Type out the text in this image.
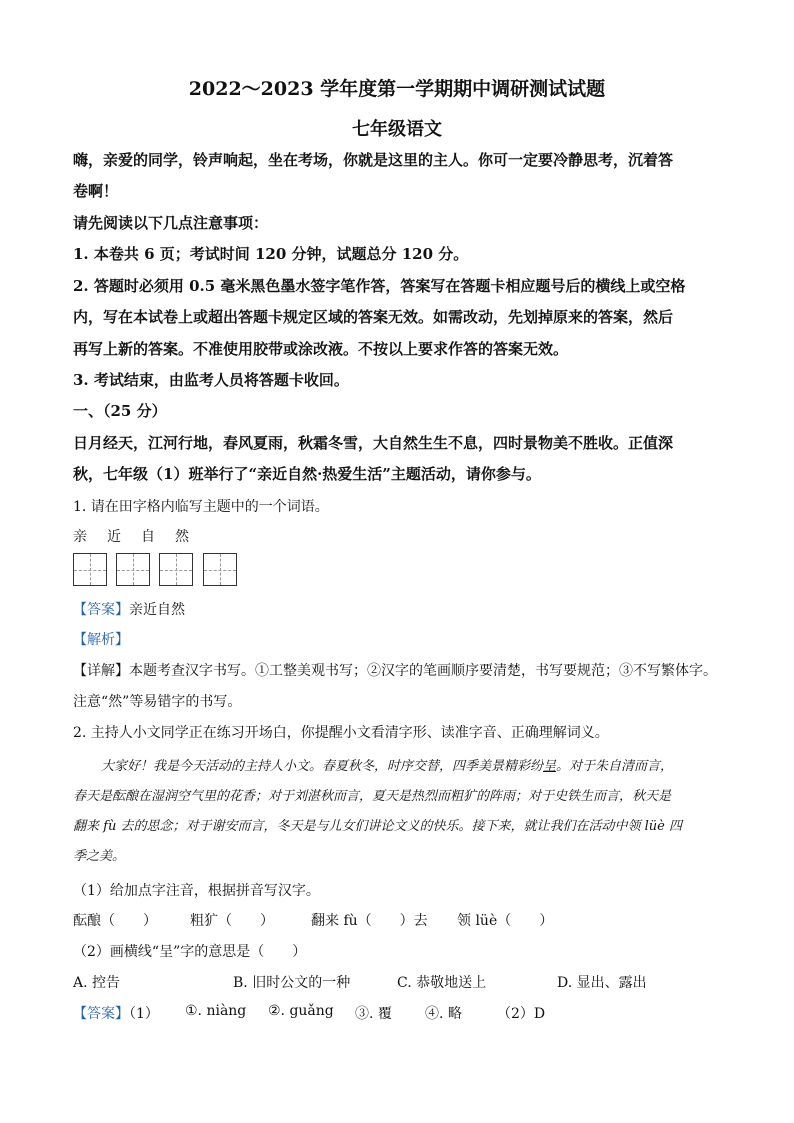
2022～2023 学年度第一学期期中调研测试试题
七年级语文
嗨，亲爱的同学，铃声响起，坐在考场，你就是这里的主人。你可一定要冷静思考，沉着答
卷啊！
请先阅读以下几点注意事项：
1. 本卷共 6 页；考试时间 120 分钟，试题总分 120 分。
2. 答题时必须用 0.5 毫米黑色墨水签字笔作答，答案写在答题卡相应题号后的横线上或空格
内，写在本试卷上或超出答题卡规定区域的答案无效。如需改动，先划掉原来的答案，然后
再写上新的答案。不准使用胶带或涂改液。不按以上要求作答的答案无效。
3. 考试结束，由监考人员将答题卡收回。
一、（25 分）
日月经天，江河行地，春风夏雨，秋霜冬雪，大自然生生不息，四时景物美不胜收。正值深
秋，七年级（1）班举行了“亲近自然·热爱生活”主题活动，请你参与。
1. 请在田字格内临写主题中的一个词语。
亲 近 自 然
【答案】亲近自然
【解析】
【详解】本题考查汉字书写。①工整美观书写；②汉字的笔画顺序要清楚，书写要规范；③不写繁体字。
注意“然”等易错字的书写。
2. 主持人小文同学正在练习开场白，你提醒小文看清字形、读准字音、正确理解词义。
大家好！我是今天活动的主持人小文。春夏秋冬，时序交替，四季美景精彩纷呈。对于朱自清而言，
春天是酝酿在湿润空气里的花香；对于刘湛秋而言，夏天是热烈而粗犷的阵雨；对于史铁生而言，秋天是
翻来 fù 去的思念；对于谢安而言，冬天是与儿女们讲论文义的快乐。接下来，就让我们在活动中领 lüè 四
季之美。
（1）给加点字注音，根据拼音写汉字。
酝酿（　　） 粗犷（　　）	翻来 fù（　　）去 领 lüè（　　）
（2）画横线“呈”字的意思是（　　）
A. 控告	B. 旧时公文的一种	C. 恭敬地送上	D. 显出、露出
【答案】（1） ①. niàng ②. guǎng ③. 覆 ④. 略	（2）D
